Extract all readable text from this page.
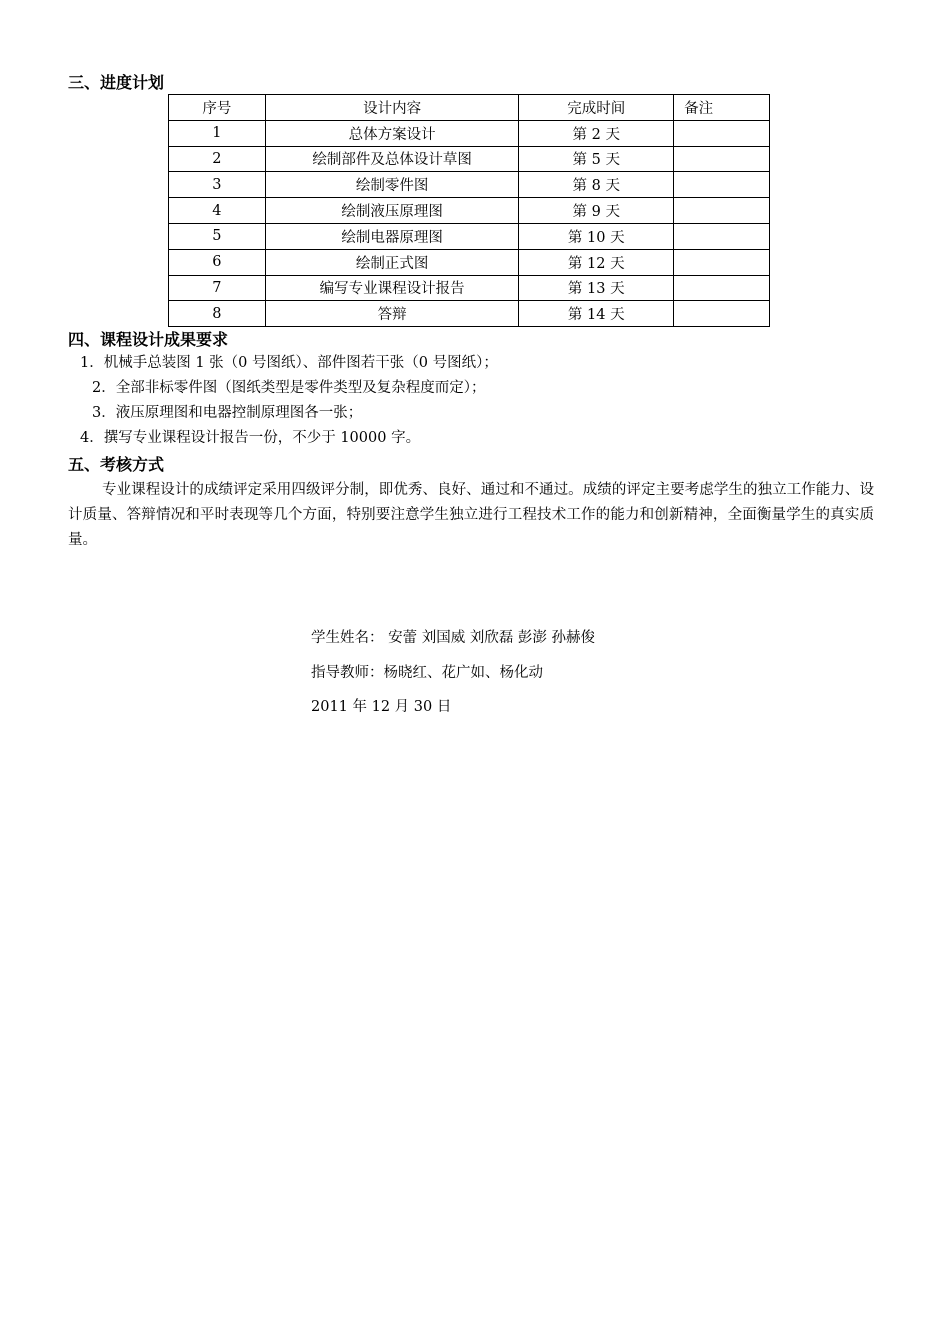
三、进度计划
序号	设计内容	完成时间	备注
1	总体方案设计	第 2 天	
2	绘制部件及总体设计草图	第 5 天	
3	绘制零件图	第 8 天	
4	绘制液压原理图	第 9 天	
5	绘制电器原理图	第 10 天	
6	绘制正式图	第 12 天	
7	编写专业课程设计报告	第 13 天	
8	答辩	第 14 天	
四、课程设计成果要求
1．机械手总装图 1 张（0 号图纸）、部件图若干张（0 号图纸）；
2．全部非标零件图（图纸类型是零件类型及复杂程度而定）；
3．液压原理图和电器控制原理图各一张；
4．撰写专业课程设计报告一份，不少于 10000 字。
五、考核方式

专业课程设计的成绩评定采用四级评分制，即优秀、良好、通过和不通过。成绩的评定主要考虑学生的独立工作能力、设计质量、答辩情况和平时表现等几个方面，特别要注意学生独立进行工程技术工作的能力和创新精神，全面衡量学生的真实质量。

学生姓名： 安蕾 刘国威 刘欣磊 彭澎 孙赫俊
指导教师：杨晓红、花广如、杨化动
2011 年 12 月 30 日
